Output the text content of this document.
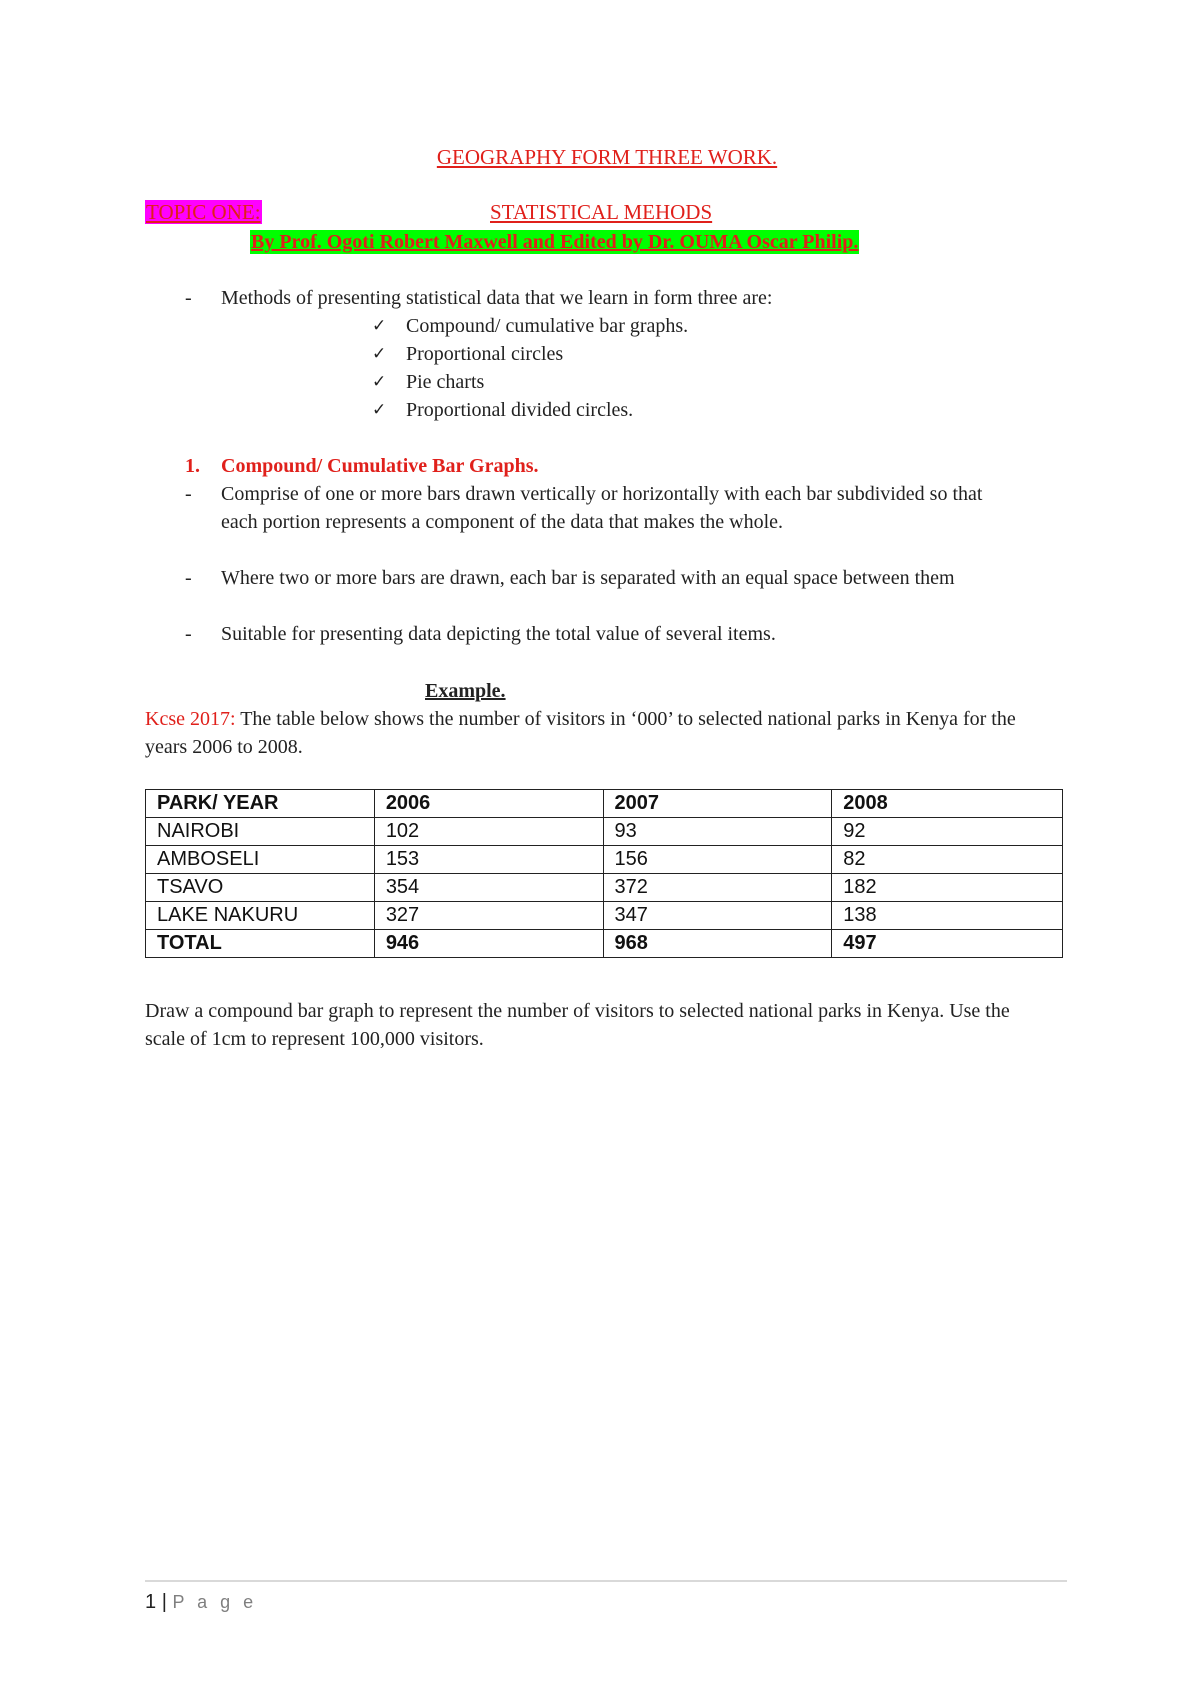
GEOGRAPHY FORM THREE WORK.
TOPIC ONE:	STATISTICAL MEHODS
By Prof. Ogoti Robert Maxwell and Edited by Dr. OUMA Oscar Philip.
- Methods of presenting statistical data that we learn in form three are:
✓ Compound/ cumulative bar graphs.
✓ Proportional circles
✓ Pie charts
✓ Proportional divided circles.
1. Compound/ Cumulative Bar Graphs.
- Comprise of one or more bars drawn vertically or horizontally with each bar subdivided so that each portion represents a component of the data that makes the whole.
- Where two or more bars are drawn, each bar is separated with an equal space between them
- Suitable for presenting data depicting the total value of several items.
Example.
Kcse 2017: The table below shows the number of visitors in ‘000’ to selected national parks in Kenya for the years 2006 to 2008.
PARK/ YEAR	2006	2007	2008
NAIROBI	102	93	92
AMBOSELI	153	156	82
TSAVO	354	372	182
LAKE NAKURU	327	347	138
TOTAL	946	968	497
Draw a compound bar graph to represent the number of visitors to selected national parks in Kenya. Use the scale of 1cm to represent 100,000 visitors.
1 | P a g e
